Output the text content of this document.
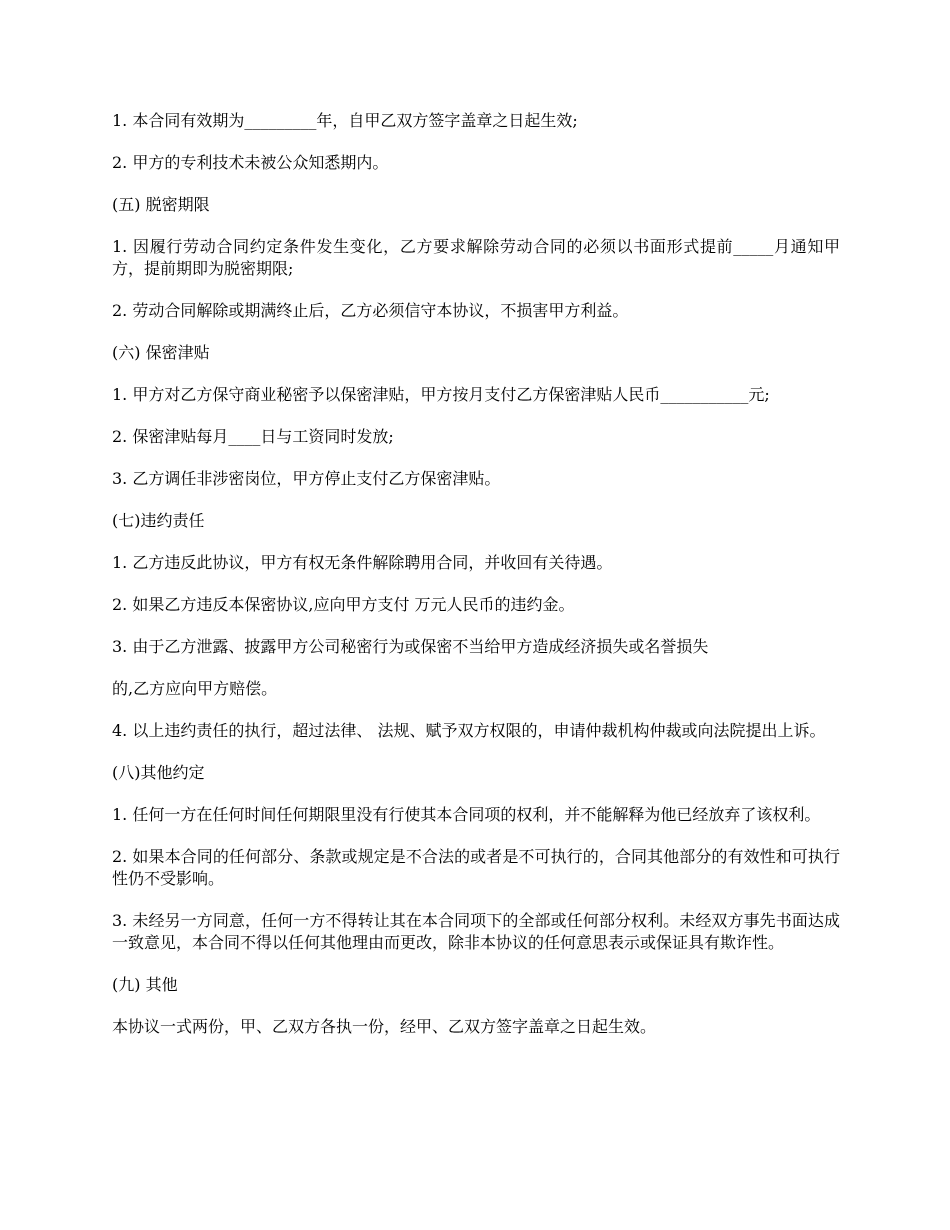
1. 本合同有效期为_________年，自甲乙双方签字盖章之日起生效;

2. 甲方的专利技术未被公众知悉期内。

(五) 脱密期限

1. 因履行劳动合同约定条件发生变化，乙方要求解除劳动合同的必须以书面形式提前_____月通知甲方，提前期即为脱密期限;

2. 劳动合同解除或期满终止后，乙方必须信守本协议，不损害甲方利益。

(六) 保密津贴

1. 甲方对乙方保守商业秘密予以保密津贴，甲方按月支付乙方保密津贴人民币___________元;

2. 保密津贴每月____日与工资同时发放;

3. 乙方调任非涉密岗位，甲方停止支付乙方保密津贴。

(七)违约责任

1. 乙方违反此协议，甲方有权无条件解除聘用合同，并收回有关待遇。

2. 如果乙方违反本保密协议,应向甲方支付 万元人民币的违约金。

3. 由于乙方泄露、披露甲方公司秘密行为或保密不当给甲方造成经济损失或名誉损失

的,乙方应向甲方赔偿。

4. 以上违约责任的执行，超过法律、 法规、赋予双方权限的，申请仲裁机构仲裁或向法院提出上诉。

(八)其他约定

1. 任何一方在任何时间任何期限里没有行使其本合同项的权利，并不能解释为他已经放弃了该权利。

2. 如果本合同的任何部分、条款或规定是不合法的或者是不可执行的，合同其他部分的有效性和可执行性仍不受影响。

3. 未经另一方同意，任何一方不得转让其在本合同项下的全部或任何部分权利。未经双方事先书面达成一致意见，本合同不得以任何其他理由而更改，除非本协议的任何意思表示或保证具有欺诈性。

(九) 其他

本协议一式两份，甲、乙双方各执一份，经甲、乙双方签字盖章之日起生效。
